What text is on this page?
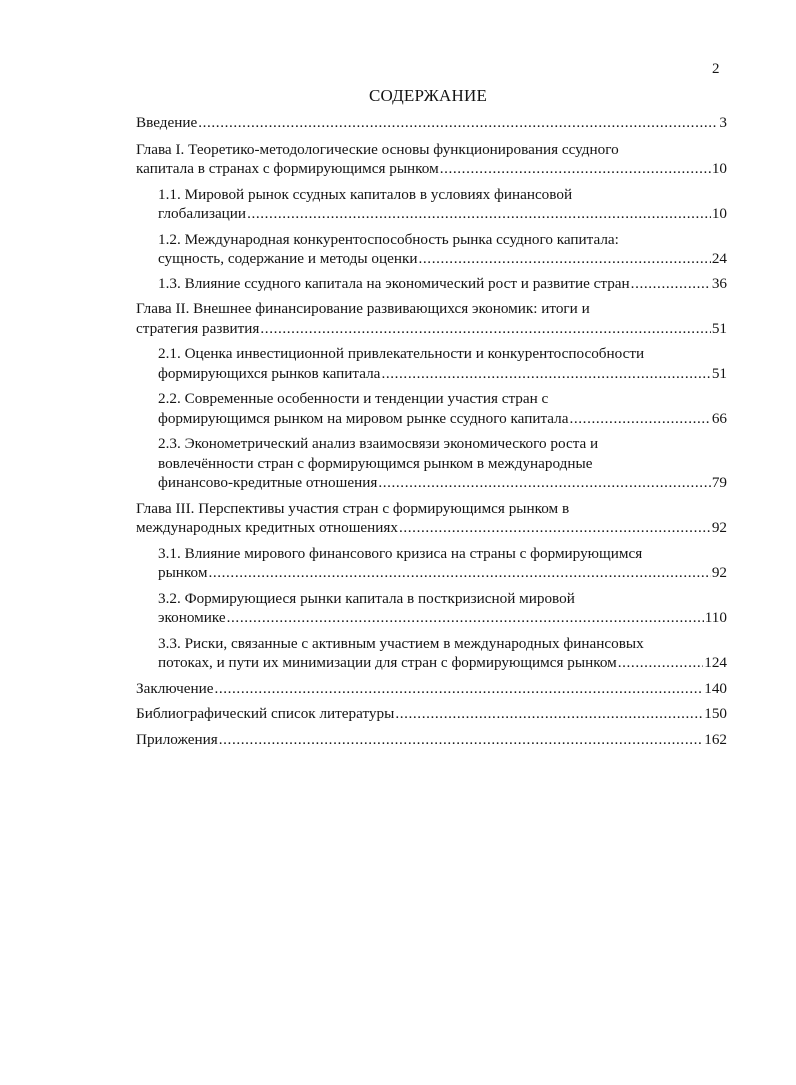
2
СОДЕРЖАНИЕ
Введение .....	3
Глава I. Теоретико-методологические основы функционирования ссудного
капитала в странах с формирующимся рынком .....	10
1.1. Мировой рынок ссудных капиталов в условиях финансовой
глобализации .....	10
1.2. Международная конкурентоспособность рынка ссудного капитала:
сущность, содержание и методы оценки .....	24
1.3. Влияние ссудного капитала на экономический рост и развитие стран .....	36
Глава II. Внешнее финансирование развивающихся экономик: итоги и
стратегия развития .....	51
2.1. Оценка инвестиционной привлекательности и конкурентоспособности
формирующихся рынков капитала .....	51
2.2. Современные особенности и тенденции участия стран с
формирующимся рынком на мировом рынке ссудного капитала .....	66
2.3. Эконометрический анализ взаимосвязи экономического роста и
вовлечённости стран с формирующимся рынком в международные
финансово-кредитные отношения .....	79
Глава III. Перспективы участия стран с формирующимся рынком в
международных кредитных отношениях .....	92
3.1. Влияние мирового финансового кризиса на страны с формирующимся
рынком .....	92
3.2. Формирующиеся рынки капитала в посткризисной мировой
экономике .....	110
3.3. Риски, связанные с активным участием в международных финансовых
потоках, и пути их минимизации для стран с формирующимся рынком .....	124
Заключение .....	140
Библиографический список литературы .....	150
Приложения .....	162
